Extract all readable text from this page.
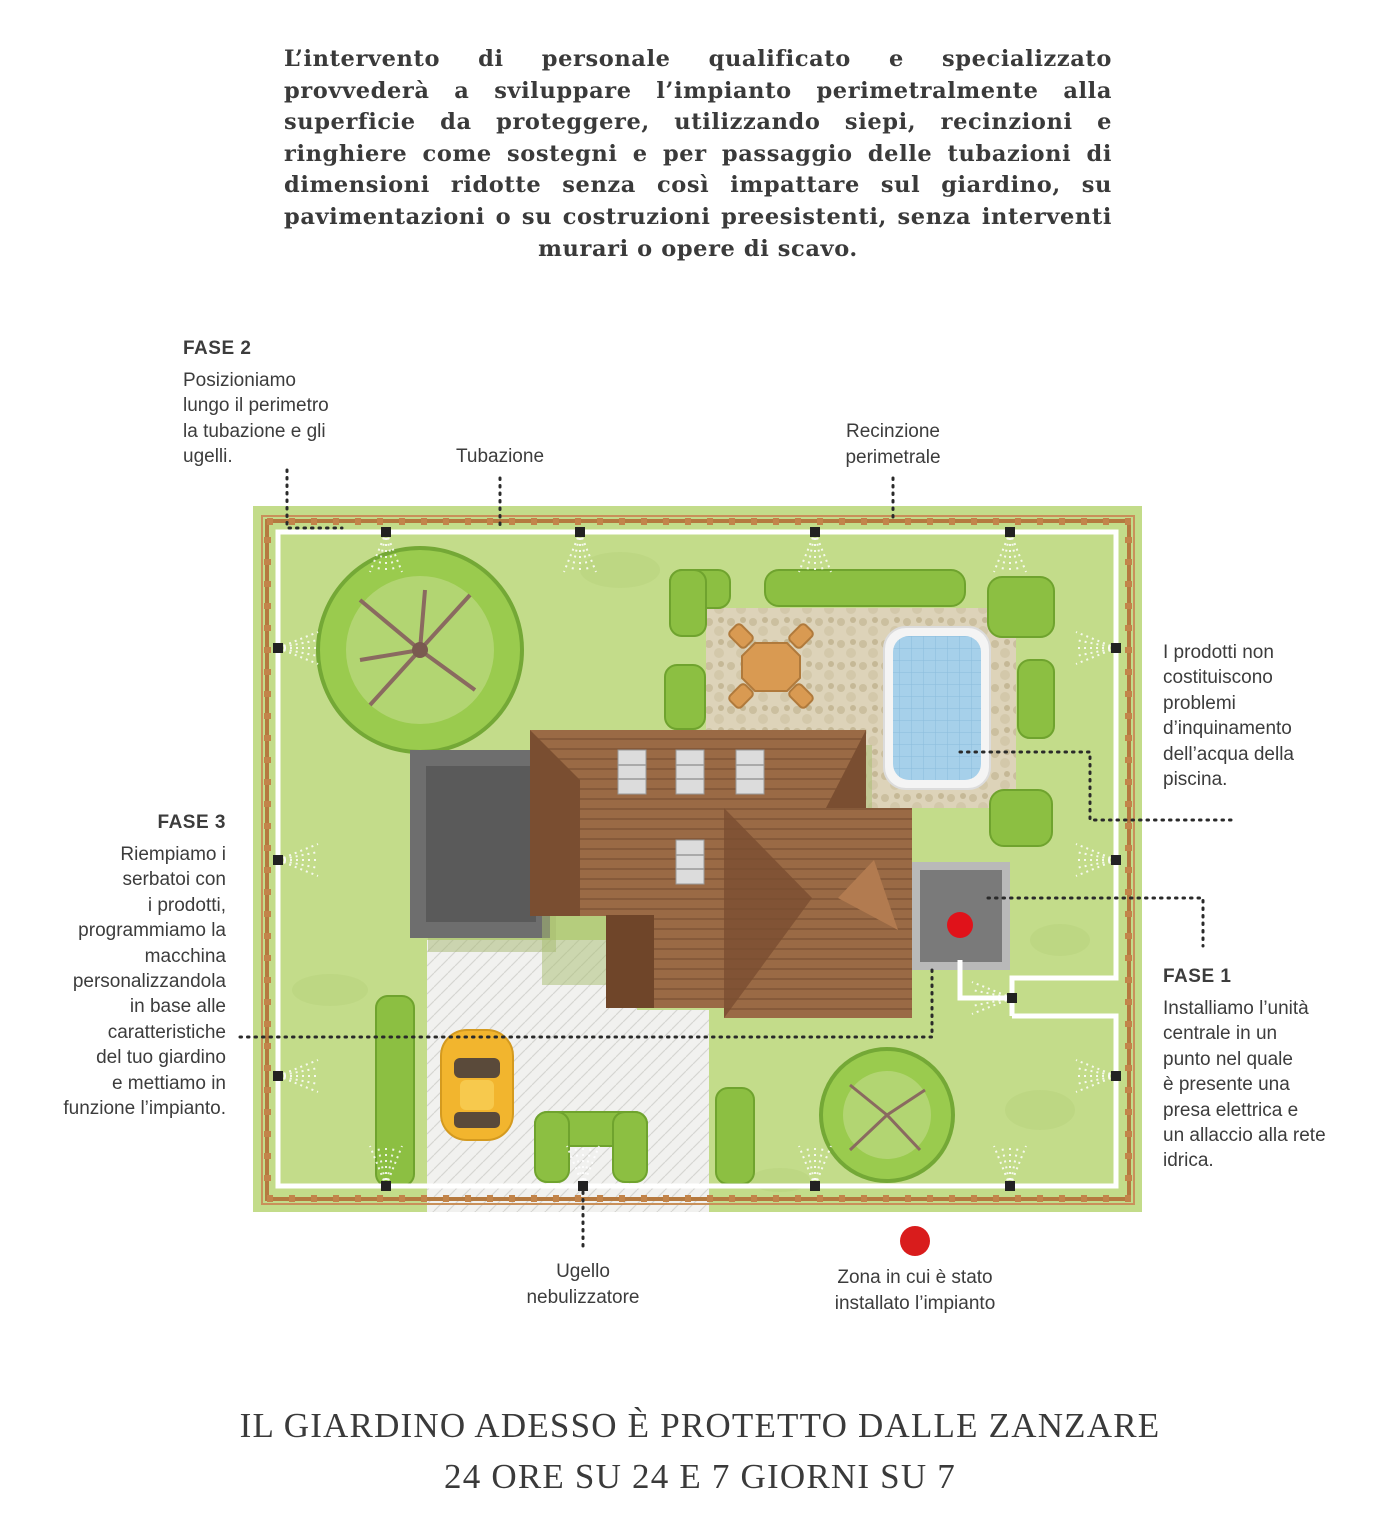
L’intervento di personale qualificato e specializzato provvederà a sviluppare l’impianto perimetralmente alla superficie da proteggere, utilizzando siepi, recinzioni e ringhiere come sostegni e per passaggio delle tubazioni di dimensioni ridotte senza così impattare sul giardino, su pavimentazioni o su costruzioni preesistenti, senza interventi murari o opere di scavo.

FASE 2

Posizioniamo
lungo il perimetro
la tubazione e gli
ugelli.	Tubazione

Recinzione
perimetrale
I prodotti non
costituiscono
problemi
d’inquinamento
dell’acqua della
piscina.

FASE 3

Riempiamo i
serbatoi con
i prodotti,
programmiamo la
macchina
personalizzandola
in base alle
caratteristiche
del tuo giardino
e mettiamo in
funzione l’impianto.

FASE 1

Installiamo l’unità
centrale in un
punto nel quale
è presente una
presa elettrica e
un allaccio alla rete
idrica.
Ugello
nebulizzatore
Zona in cui è stato
installato l’impianto

IL GIARDINO ADESSO È PROTETTO DALLE ZANZARE

24 ORE SU 24 E 7 GIORNI SU 7
